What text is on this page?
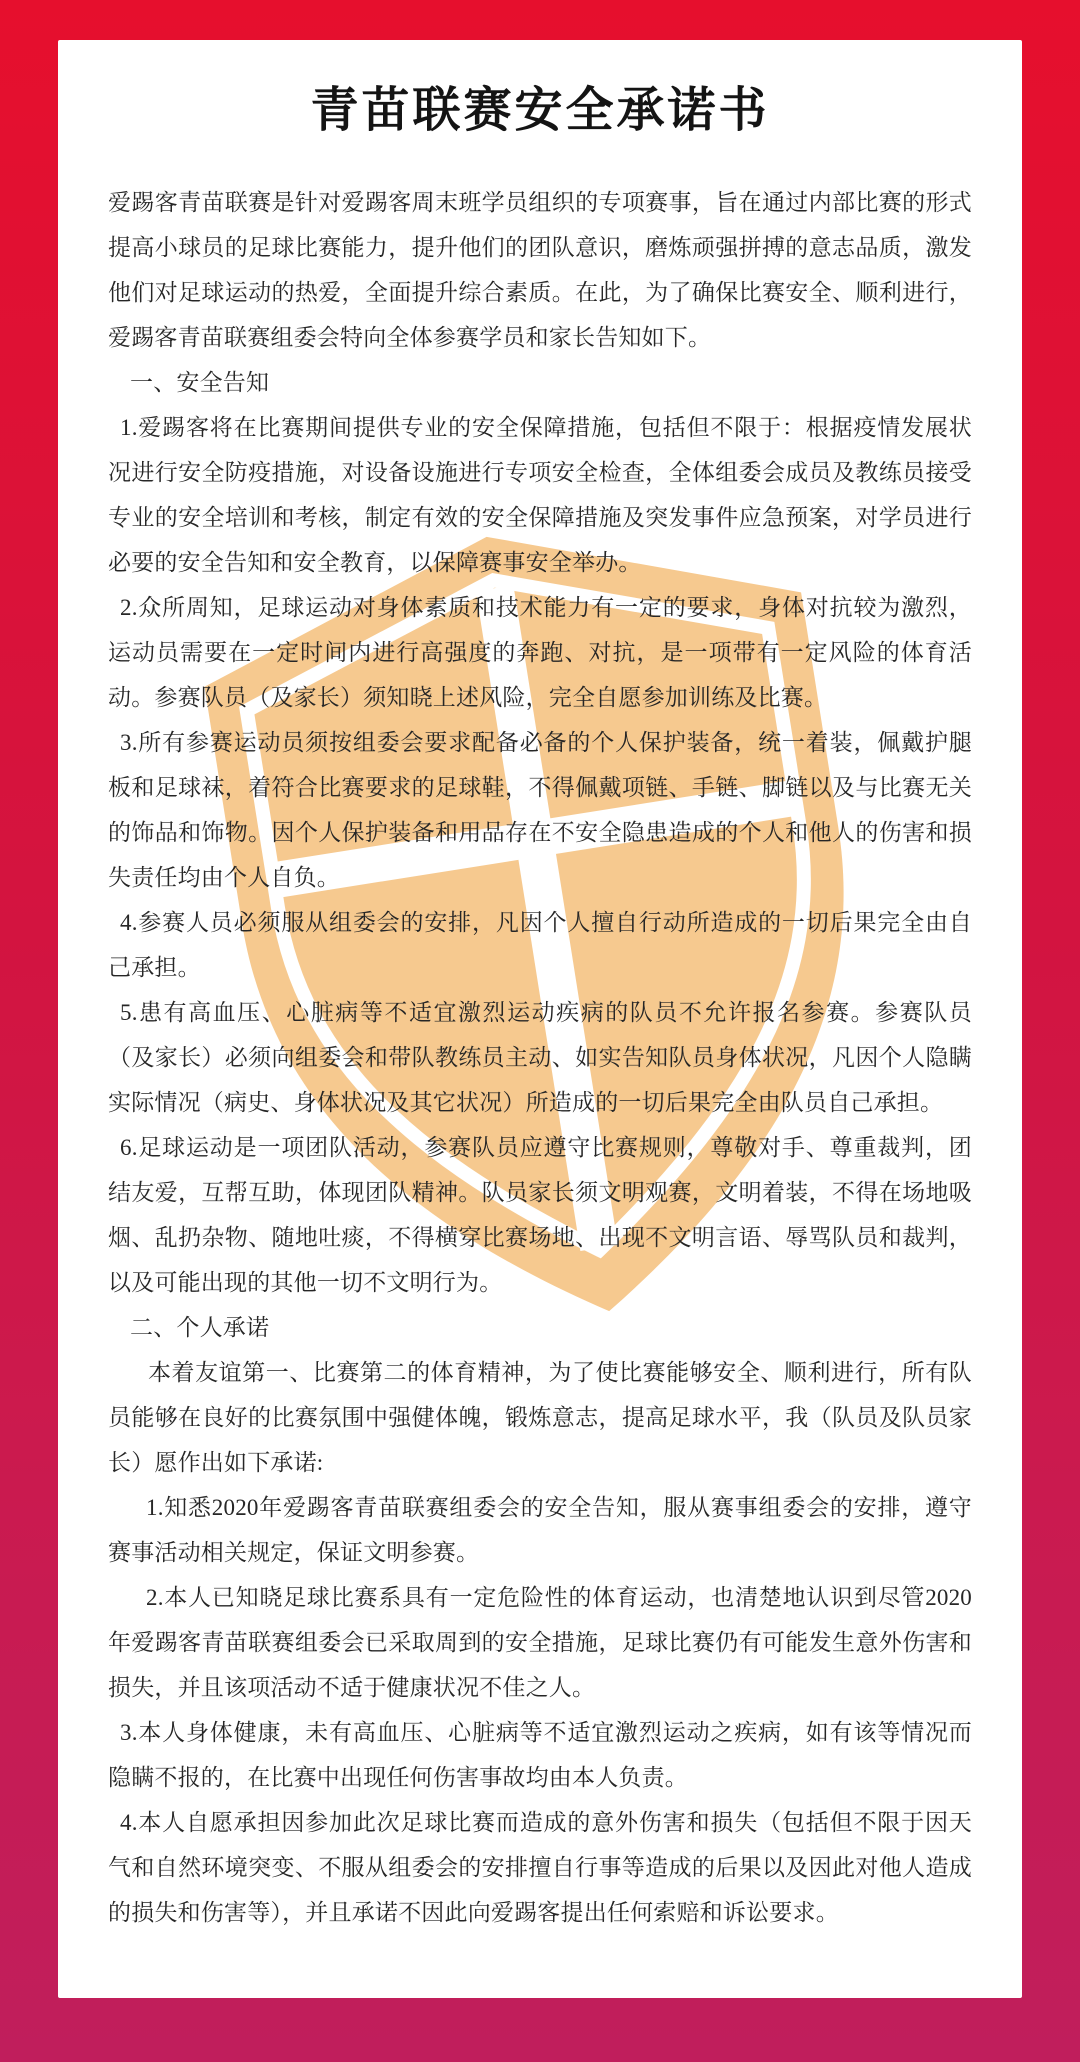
青苗联赛安全承诺书

爱踢客青苗联赛是针对爱踢客周末班学员组织的专项赛事，旨在通过内部比赛的形式提高小球员的足球比赛能力，提升他们的团队意识，磨炼顽强拼搏的意志品质，激发他们对足球运动的热爱，全面提升综合素质。在此，为了确保比赛安全、顺利进行，爱踢客青苗联赛组委会特向全体参赛学员和家长告知如下。

一、安全告知

1.爱踢客将在比赛期间提供专业的安全保障措施，包括但不限于：根据疫情发展状况进行安全防疫措施，对设备设施进行专项安全检查，全体组委会成员及教练员接受专业的安全培训和考核，制定有效的安全保障措施及突发事件应急预案，对学员进行必要的安全告知和安全教育，以保障赛事安全举办。

2.众所周知，足球运动对身体素质和技术能力有一定的要求，身体对抗较为激烈，运动员需要在一定时间内进行高强度的奔跑、对抗，是一项带有一定风险的体育活动。参赛队员（及家长）须知晓上述风险，完全自愿参加训练及比赛。

3.所有参赛运动员须按组委会要求配备必备的个人保护装备，统一着装，佩戴护腿板和足球袜，着符合比赛要求的足球鞋，不得佩戴项链、手链、脚链以及与比赛无关的饰品和饰物。因个人保护装备和用品存在不安全隐患造成的个人和他人的伤害和损失责任均由个人自负。

4.参赛人员必须服从组委会的安排，凡因个人擅自行动所造成的一切后果完全由自己承担。

5.患有高血压、心脏病等不适宜激烈运动疾病的队员不允许报名参赛。参赛队员（及家长）必须向组委会和带队教练员主动、如实告知队员身体状况，凡因个人隐瞒实际情况（病史、身体状况及其它状况）所造成的一切后果完全由队员自己承担。

6.足球运动是一项团队活动，参赛队员应遵守比赛规则，尊敬对手、尊重裁判，团结友爱，互帮互助，体现团队精神。队员家长须文明观赛，文明着装，不得在场地吸烟、乱扔杂物、随地吐痰，不得横穿比赛场地、出现不文明言语、辱骂队员和裁判，以及可能出现的其他一切不文明行为。

二、个人承诺

本着友谊第一、比赛第二的体育精神，为了使比赛能够安全、顺利进行，所有队员能够在良好的比赛氛围中强健体魄，锻炼意志，提高足球水平，我（队员及队员家长）愿作出如下承诺:

1.知悉2020年爱踢客青苗联赛组委会的安全告知，服从赛事组委会的安排，遵守赛事活动相关规定，保证文明参赛。

2.本人已知晓足球比赛系具有一定危险性的体育运动，也清楚地认识到尽管2020年爱踢客青苗联赛组委会已采取周到的安全措施，足球比赛仍有可能发生意外伤害和损失，并且该项活动不适于健康状况不佳之人。

3.本人身体健康，未有高血压、心脏病等不适宜激烈运动之疾病，如有该等情况而隐瞒不报的，在比赛中出现任何伤害事故均由本人负责。

4.本人自愿承担因参加此次足球比赛而造成的意外伤害和损失（包括但不限于因天气和自然环境突变、不服从组委会的安排擅自行事等造成的后果以及因此对他人造成的损失和伤害等），并且承诺不因此向爱踢客提出任何索赔和诉讼要求。
